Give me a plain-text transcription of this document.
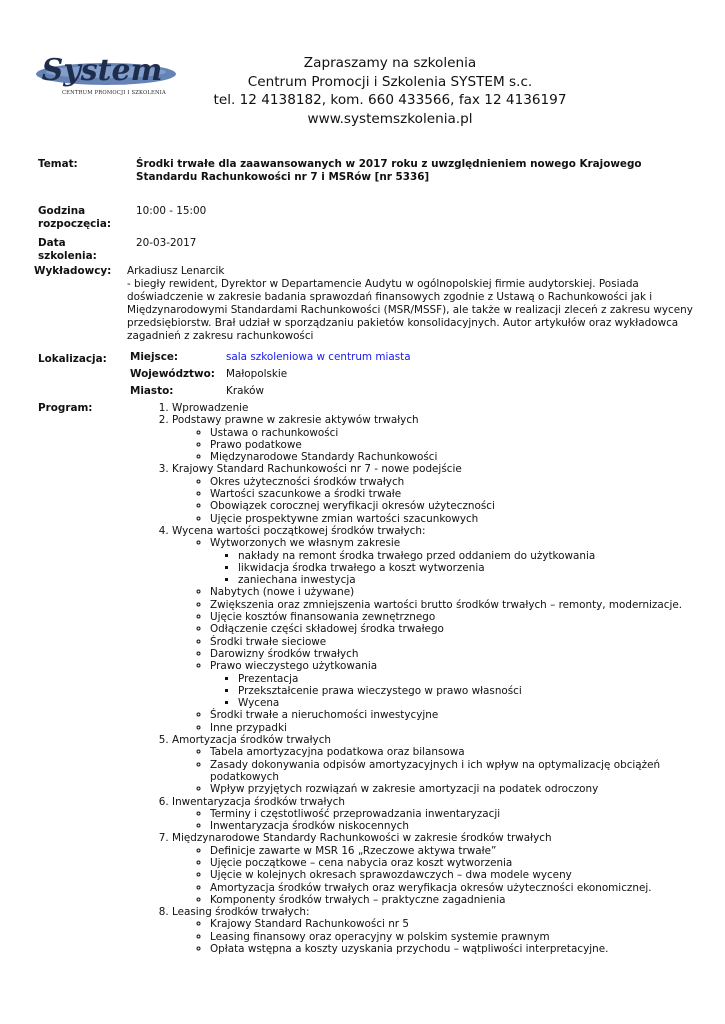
System
CENTRUM PROMOCJI I SZKOLENIA
Zapraszamy na szkolenia
Centrum Promocji i Szkolenia SYSTEM s.c.
tel. 12 4138182, kom. 660 433566, fax 12 4136197
www.systemszkolenia.pl
Temat:	Środki trwałe dla zaawansowanych w 2017 roku z uwzględnieniem nowego Krajowego Standardu Rachunkowości nr 7 i MSRów [nr 5336]
Godzina
rozpoczęcia:
10:00 - 15:00
Data
szkolenia:
20-03-2017
Wykładowcy: Arkadiusz Lenarcik
- biegły rewident, Dyrektor w Departamencie Audytu w ogólnopolskiej firmie audytorskiej. Posiada doświadczenie w zakresie badania sprawozdań finansowych zgodnie z Ustawą o Rachunkowości jak i Międzynarodowymi Standardami Rachunkowości (MSR/MSSF), ale także w realizacji zleceń z zakresu wyceny przedsiębiorstw. Brał udział w sporządzaniu pakietów konsolidacyjnych. Autor artykułów oraz wykładowca zagadnień z zakresu rachunkowości
Lokalizacja: Miejsce:	sala szkoleniowa w centrum miasta
Województwo: Małopolskie
Miasto:	Kraków
Program:
1.	Wprowadzenie
2. Podstawy prawne w zakresie aktywów trwałych
◦ Ustawa o rachunkowości
◦ Prawo podatkowe
◦ Międzynarodowe Standardy Rachunkowości
3. Krajowy Standard Rachunkowości nr 7 - nowe podejście
◦ Okres użyteczności środków trwałych
◦ Wartości szacunkowe a środki trwałe
◦ Obowiązek corocznej weryfikacji okresów użyteczności
◦ Ujęcie prospektywne zmian wartości szacunkowych
4. Wycena wartości początkowej środków trwałych:
◦ Wytworzonych we własnym zakresie
▪ nakłady na remont środka trwałego przed oddaniem do użytkowania
▪ likwidacja środka trwałego a koszt wytworzenia
▪ zaniechana inwestycja
◦ Nabytych (nowe i używane)
◦ Zwiększenia oraz zmniejszenia wartości brutto środków trwałych – remonty, modernizacje.
◦ Ujęcie kosztów finansowania zewnętrznego
◦ Odłączenie części składowej środka trwałego
◦ Środki trwałe sieciowe
◦ Darowizny środków trwałych
◦ Prawo wieczystego użytkowania
▪ Prezentacja
▪ Przekształcenie prawa wieczystego w prawo własności
▪ Wycena
◦ Środki trwałe a nieruchomości inwestycyjne
◦ Inne przypadki
5. Amortyzacja środków trwałych
◦ Tabela amortyzacyjna podatkowa oraz bilansowa
◦ Zasady dokonywania odpisów amortyzacyjnych i ich wpływ na optymalizację obciążeń podatkowych
◦ Wpływ przyjętych rozwiązań w zakresie amortyzacji na podatek odroczony
6. Inwentaryzacja środków trwałych
◦ Terminy i częstotliwość przeprowadzania inwentaryzacji
◦ Inwentaryzacja środków niskocennych
7. Międzynarodowe Standardy Rachunkowości w zakresie środków trwałych
◦ Definicje zawarte w MSR 16 „Rzeczowe aktywa trwałe”
◦ Ujęcie początkowe – cena nabycia oraz koszt wytworzenia
◦ Ujęcie w kolejnych okresach sprawozdawczych – dwa modele wyceny
◦ Amortyzacja środków trwałych oraz weryfikacja okresów użyteczności ekonomicznej.
◦ Komponenty środków trwałych – praktyczne zagadnienia
8. Leasing środków trwałych:
◦ Krajowy Standard Rachunkowości nr 5
◦ Leasing finansowy oraz operacyjny w polskim systemie prawnym
◦ Opłata wstępna a koszty uzyskania przychodu – wątpliwości interpretacyjne.
